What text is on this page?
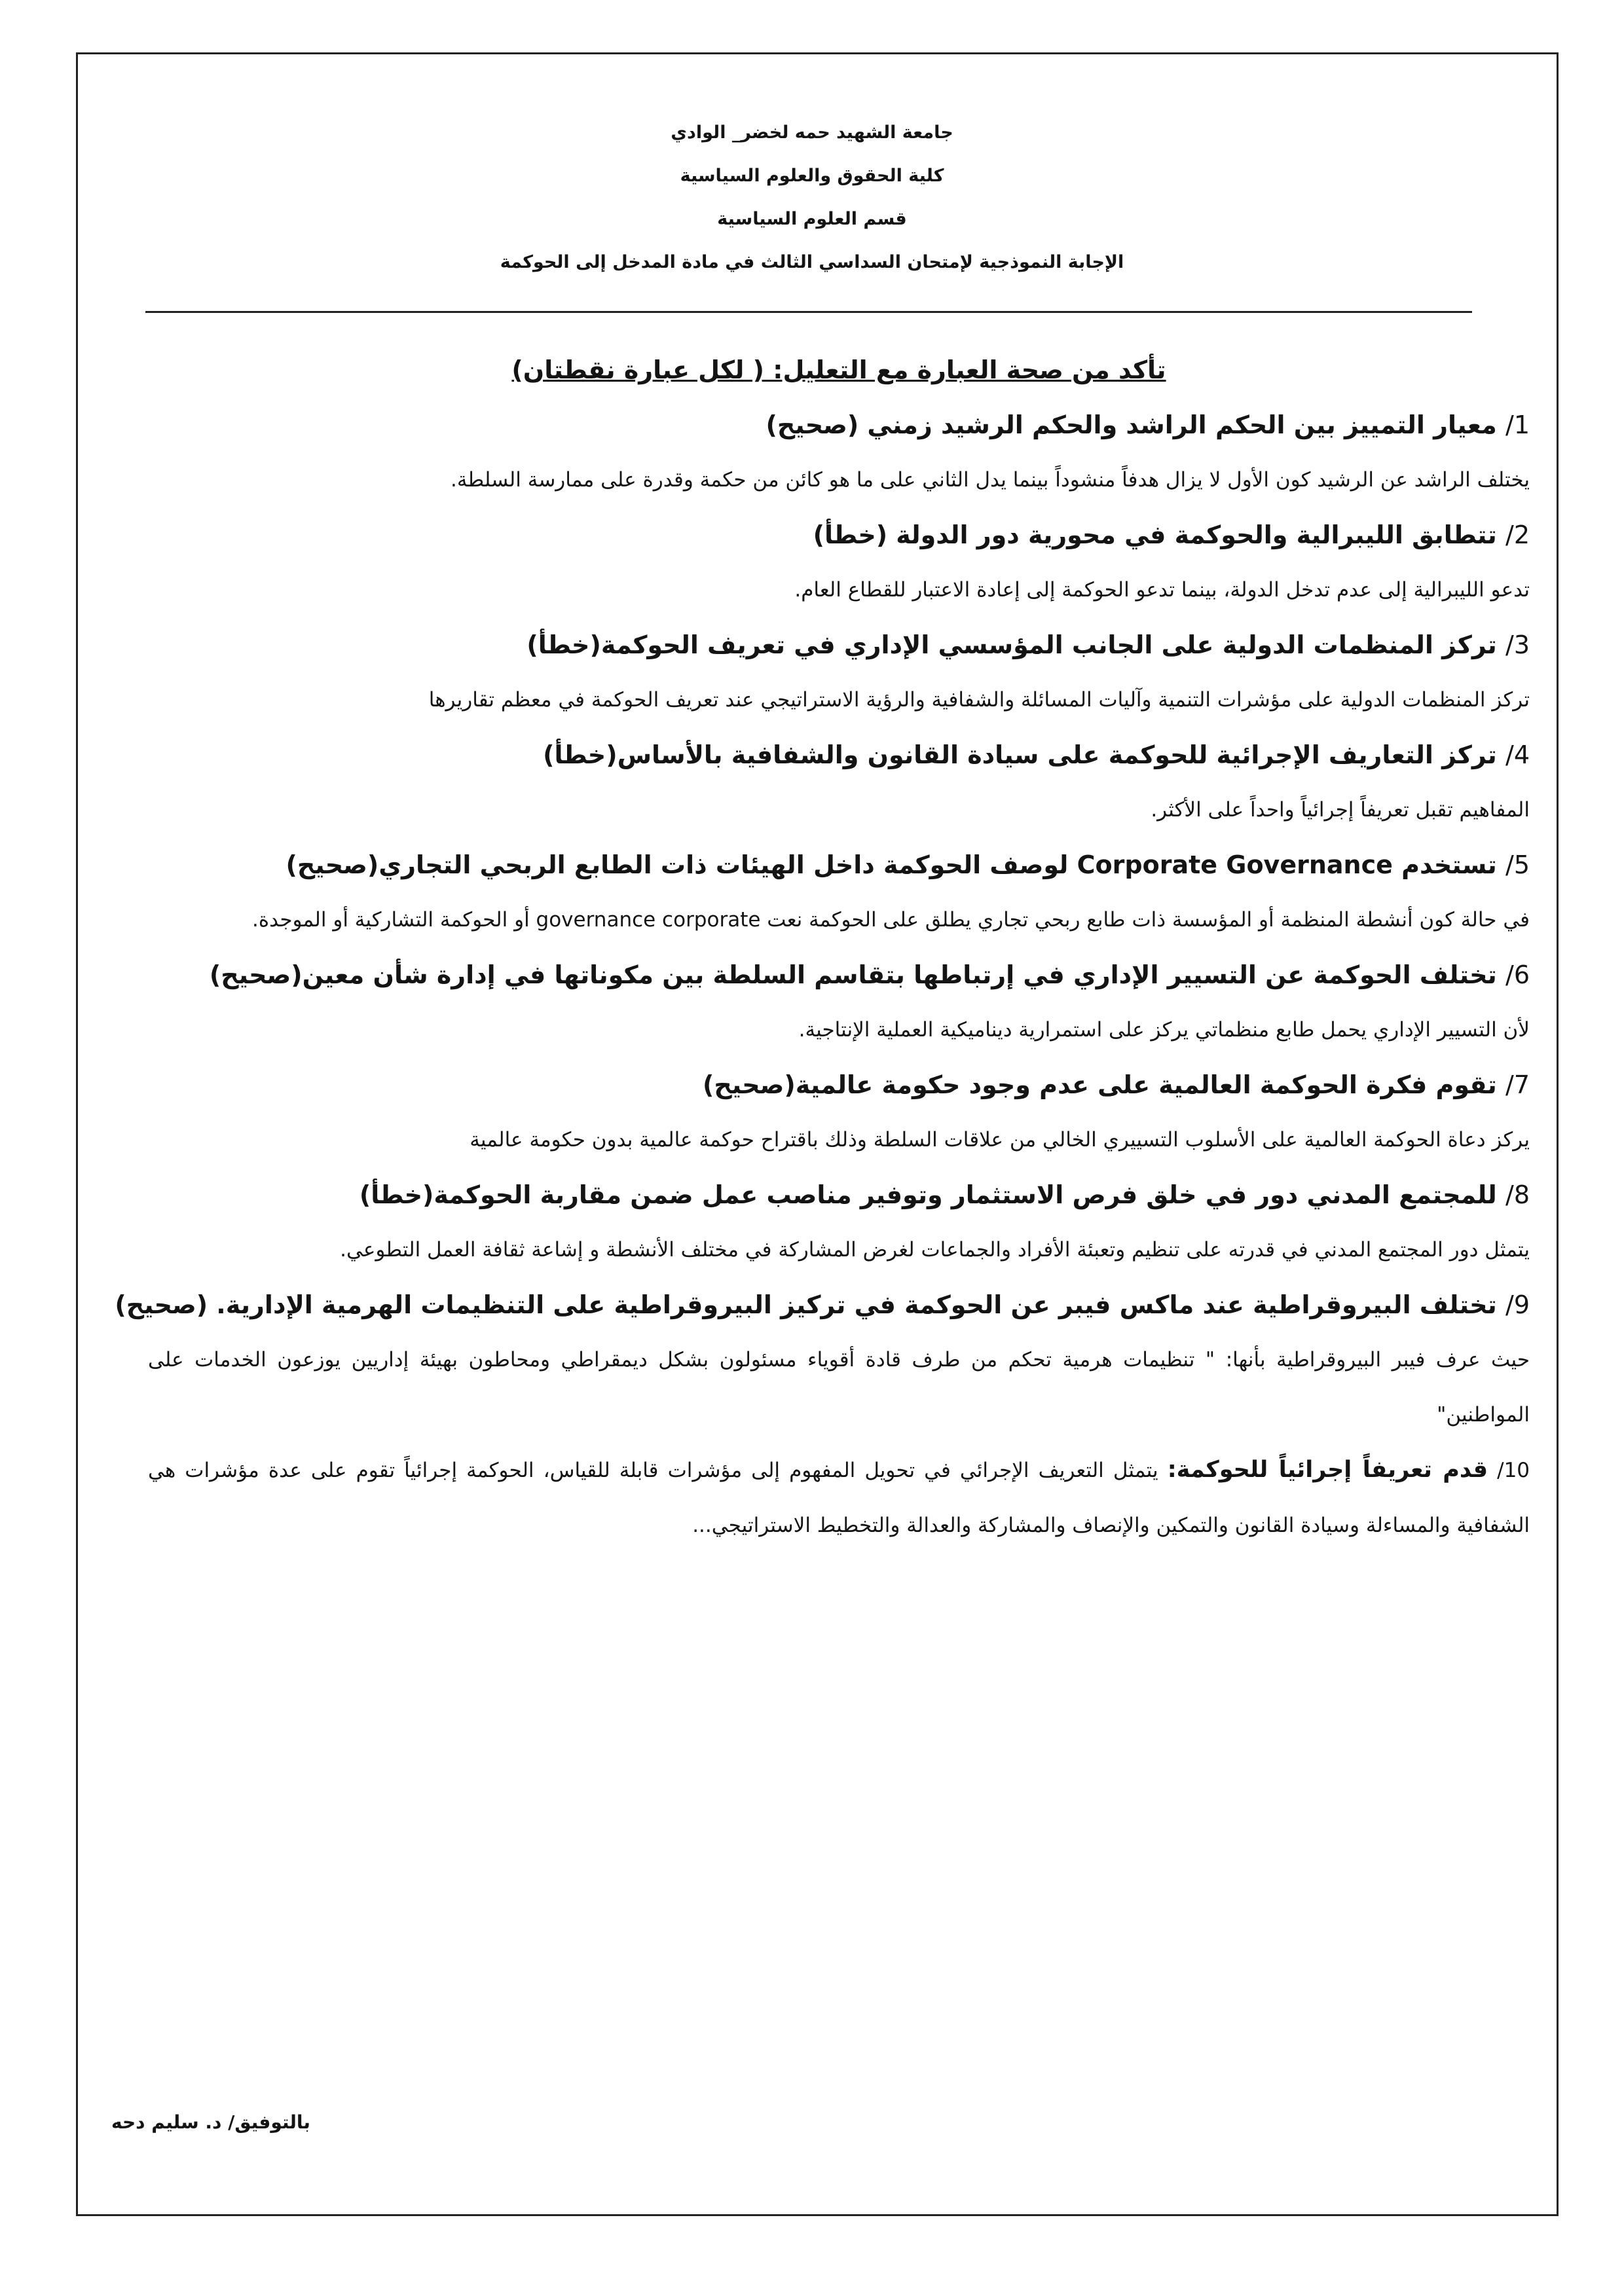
جامعة الشهيد حمه لخضر_ الوادي
كلية الحقوق والعلوم السياسية
قسم العلوم السياسية
الإجابة النموذجية لإمتحان السداسي الثالث في مادة المدخل إلى الحوكمة
تأكد من صحة العبارة مع التعليل: ( لكل عبارة نقطتان)
1/ معيار التمييز بين الحكم الراشد والحكم الرشيد زمني (صحيح)
يختلف الراشد عن الرشيد كون الأول لا يزال هدفاً منشوداً بينما يدل الثاني على ما هو كائن من حكمة وقدرة على ممارسة السلطة.
2/ تتطابق الليبرالية والحوكمة في محورية دور الدولة (خطأ)
تدعو الليبرالية إلى عدم تدخل الدولة، بينما تدعو الحوكمة إلى إعادة الاعتبار للقطاع العام.
3/ تركز المنظمات الدولية على الجانب المؤسسي الإداري في تعريف الحوكمة(خطأ)
تركز المنظمات الدولية على مؤشرات التنمية وآليات المسائلة والشفافية والرؤية الاستراتيجي عند تعريف الحوكمة في معظم تقاريرها
4/ تركز التعاريف الإجرائية للحوكمة على سيادة القانون والشفافية بالأساس(خطأ)
المفاهيم تقبل تعريفاً إجرائياً واحداً على الأكثر.
5/ تستخدم Corporate Governance لوصف الحوكمة داخل الهيئات ذات الطابع الربحي التجاري(صحيح)
في حالة كون أنشطة المنظمة أو المؤسسة ذات طابع ربحي تجاري يطلق على الحوكمة نعت governance corporate أو الحوكمة التشاركية أو الموجدة.
6/ تختلف الحوكمة عن التسيير الإداري في إرتباطها بتقاسم السلطة بين مكوناتها في إدارة شأن معين(صحيح)
لأن التسيير الإداري يحمل طابع منظماتي يركز على استمرارية ديناميكية العملية الإنتاجية.
7/ تقوم فكرة الحوكمة العالمية على عدم وجود حكومة عالمية(صحيح)
يركز دعاة الحوكمة العالمية على الأسلوب التسييري الخالي من علاقات السلطة وذلك باقتراح حوكمة عالمية بدون حكومة عالمية
8/ للمجتمع المدني دور في خلق فرص الاستثمار وتوفير مناصب عمل ضمن مقاربة الحوكمة(خطأ)
يتمثل دور المجتمع المدني في قدرته على تنظيم وتعبئة الأفراد والجماعات لغرض المشاركة في مختلف الأنشطة و إشاعة ثقافة العمل التطوعي.
9/ تختلف البيروقراطية عند ماكس فيبر عن الحوكمة في تركيز البيروقراطية على التنظيمات الهرمية الإدارية. (صحيح)
حيث عرف فيبر البيروقراطية بأنها: " تنظيمات هرمية تحكم من طرف قادة أقوياء مسئولون بشكل ديمقراطي ومحاطون بهيئة إداريين يوزعون الخدمات على المواطنين"
10/ قدم تعريفاً إجرائياً للحوكمة: يتمثل التعريف الإجرائي في تحويل المفهوم إلى مؤشرات قابلة للقياس، الحوكمة إجرائياً تقوم على عدة مؤشرات هي الشفافية والمساءلة وسيادة القانون والتمكين والإنصاف والمشاركة والعدالة والتخطيط الاستراتيجي...
بالتوفيق/ د. سليم دحه
